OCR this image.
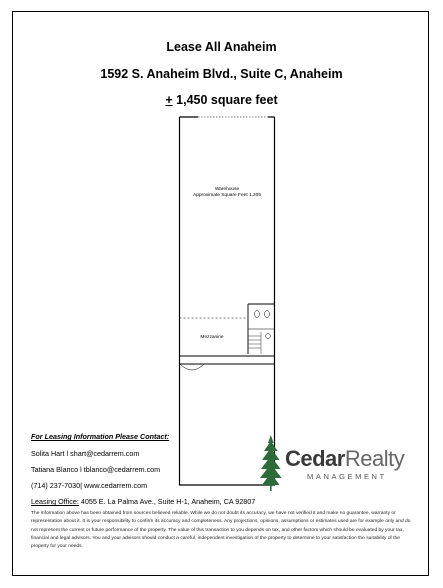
Lease All Anaheim
1592 S. Anaheim Blvd., Suite C, Anaheim
+ 1,450 square feet
Warehouse
Approximate Square Feet 1,205
Mezzanine
For Leasing Information Please Contact:
Solita Hart l shart@cedarrem.com
Tatiana Blanco l tblanco@cedarrem.com
(714) 237-7030| www.cedarrem.com
Leasing Office: 4055 E. La Palma Ave., Suite H-1, Anaheim, CA 92807
CedarRealty
MANAGEMENT
The information above has been obtained from sources believed reliable. While we do not doubt its accuracy, we have not verified it and make no guarantee, warranty or representation about it. It is your responsibility to confirm its accuracy and completeness. Any projections, opinions, assumptions or estimates used are for example only and do not represent the current or future performance of the property. The value of this transaction to you depends on tax, and other factors which should be evaluated by your tax, financial and legal advisors. You and your advisors should conduct a careful, independent investigation of the property to determine to your satisfaction the suitability of the property for your needs.
